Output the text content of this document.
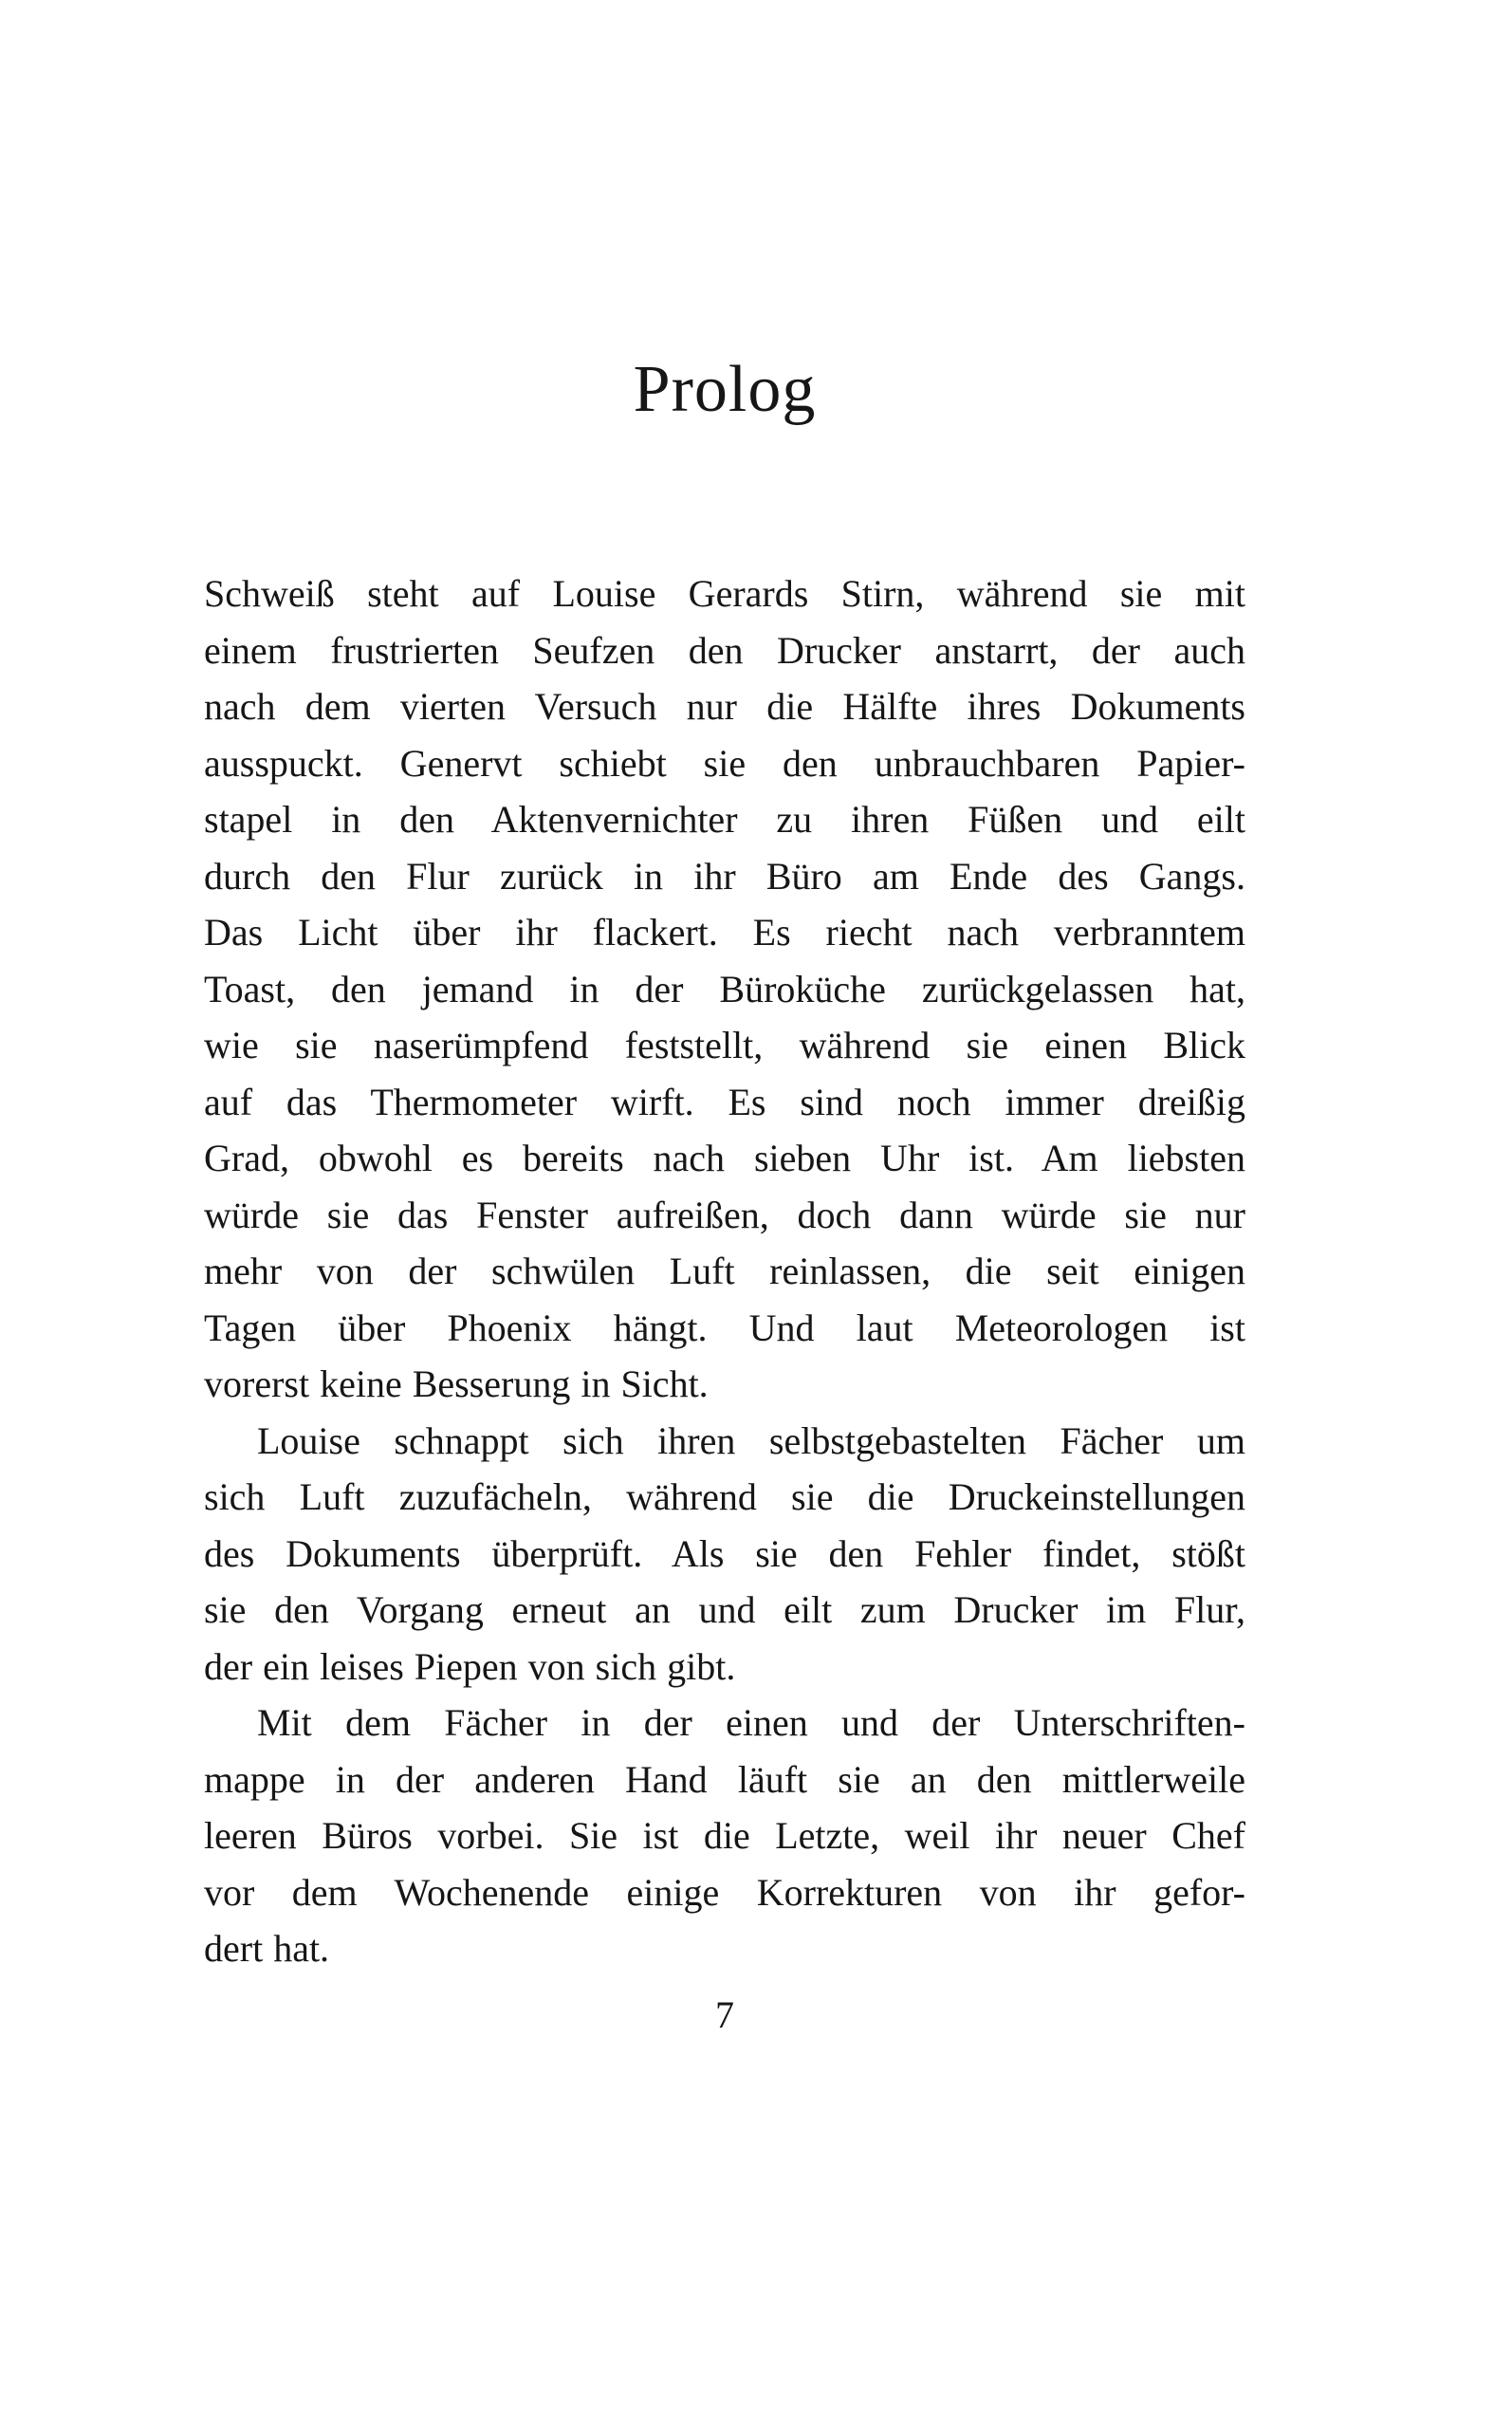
Prolog

Schweiß steht auf Louise Gerards Stirn, während sie mit
einem frustrierten Seufzen den Drucker anstarrt, der auch
nach dem vierten Versuch nur die Hälfte ihres Dokuments
ausspuckt. Genervt schiebt sie den unbrauchbaren Papier-
stapel in den Aktenvernichter zu ihren Füßen und eilt
durch den Flur zurück in ihr Büro am Ende des Gangs.
Das Licht über ihr flackert. Es riecht nach verbranntem
Toast, den jemand in der Büroküche zurückgelassen hat,
wie sie naserümpfend feststellt, während sie einen Blick
auf das Thermometer wirft. Es sind noch immer dreißig
Grad, obwohl es bereits nach sieben Uhr ist. Am liebsten
würde sie das Fenster aufreißen, doch dann würde sie nur
mehr von der schwülen Luft reinlassen, die seit einigen
Tagen über Phoenix hängt. Und laut Meteorologen ist
vorerst keine Besserung in Sicht.

Louise schnappt sich ihren selbstgebastelten Fächer um
sich Luft zuzufächeln, während sie die Druckeinstellungen
des Dokuments überprüft. Als sie den Fehler findet, stößt
sie den Vorgang erneut an und eilt zum Drucker im Flur,
der ein leises Piepen von sich gibt.

Mit dem Fächer in der einen und der Unterschriften-
mappe in der anderen Hand läuft sie an den mittlerweile
leeren Büros vorbei. Sie ist die Letzte, weil ihr neuer Chef
vor dem Wochenende einige Korrekturen von ihr gefor-
dert hat.

7
